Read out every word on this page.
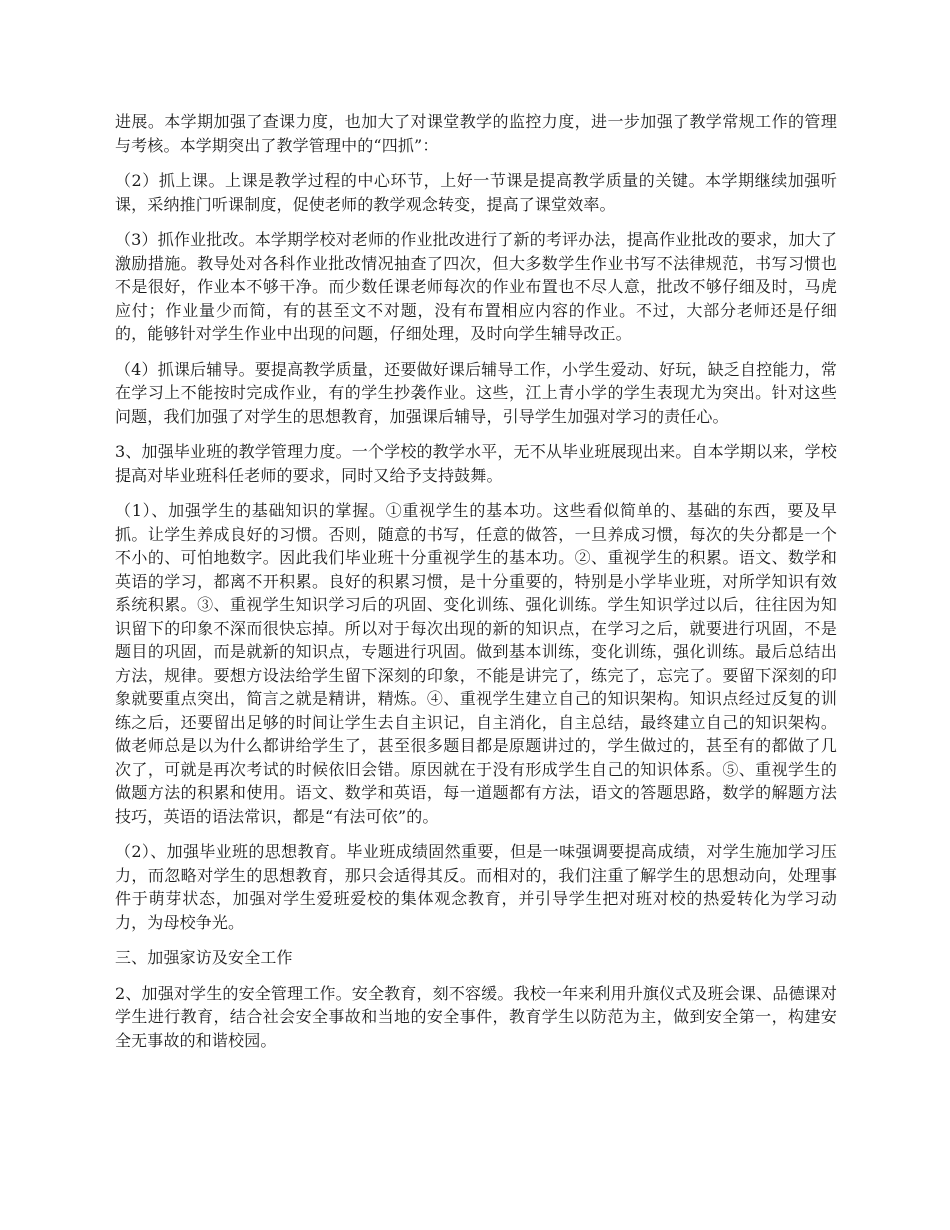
进展。本学期加强了查课力度，也加大了对课堂教学的监控力度，进一步加强了教学常规工作的管理与考核。本学期突出了教学管理中的“四抓”：

（2）抓上课。上课是教学过程的中心环节，上好一节课是提高教学质量的关键。本学期继续加强听课，采纳推门听课制度，促使老师的教学观念转变，提高了课堂效率。

（3）抓作业批改。本学期学校对老师的作业批改进行了新的考评办法，提高作业批改的要求，加大了激励措施。教导处对各科作业批改情况抽查了四次，但大多数学生作业书写不法律规范，书写习惯也不是很好，作业本不够干净。而少数任课老师每次的作业布置也不尽人意，批改不够仔细及时，马虎应付；作业量少而简，有的甚至文不对题，没有布置相应内容的作业。不过，大部分老师还是仔细的，能够针对学生作业中出现的问题，仔细处理，及时向学生辅导改正。

（4）抓课后辅导。要提高教学质量，还要做好课后辅导工作，小学生爱动、好玩，缺乏自控能力，常在学习上不能按时完成作业，有的学生抄袭作业。这些，江上青小学的学生表现尤为突出。针对这些问题，我们加强了对学生的思想教育，加强课后辅导，引导学生加强对学习的责任心。

3、加强毕业班的教学管理力度。一个学校的教学水平，无不从毕业班展现出来。自本学期以来，学校提高对毕业班科任老师的要求，同时又给予支持鼓舞。

（1）、加强学生的基础知识的掌握。①重视学生的基本功。这些看似简单的、基础的东西，要及早抓。让学生养成良好的习惯。否则，随意的书写，任意的做答，一旦养成习惯，每次的失分都是一个不小的、可怕地数字。因此我们毕业班十分重视学生的基本功。②、重视学生的积累。语文、数学和英语的学习，都离不开积累。良好的积累习惯，是十分重要的，特别是小学毕业班，对所学知识有效系统积累。③、重视学生知识学习后的巩固、变化训练、强化训练。学生知识学过以后，往往因为知识留下的印象不深而很快忘掉。所以对于每次出现的新的知识点，在学习之后，就要进行巩固，不是题目的巩固，而是就新的知识点，专题进行巩固。做到基本训练，变化训练，强化训练。最后总结出方法，规律。要想方设法给学生留下深刻的印象，不能是讲完了，练完了，忘完了。要留下深刻的印象就要重点突出，简言之就是精讲，精炼。④、重视学生建立自己的知识架构。知识点经过反复的训练之后，还要留出足够的时间让学生去自主识记，自主消化，自主总结，最终建立自己的知识架构。做老师总是以为什么都讲给学生了，甚至很多题目都是原题讲过的，学生做过的，甚至有的都做了几次了，可就是再次考试的时候依旧会错。原因就在于没有形成学生自己的知识体系。⑤、重视学生的做题方法的积累和使用。语文、数学和英语，每一道题都有方法，语文的答题思路，数学的解题方法技巧，英语的语法常识，都是“有法可依”的。

（2）、加强毕业班的思想教育。毕业班成绩固然重要，但是一味强调要提高成绩，对学生施加学习压力，而忽略对学生的思想教育，那只会适得其反。而相对的，我们注重了解学生的思想动向，处理事件于萌芽状态，加强对学生爱班爱校的集体观念教育，并引导学生把对班对校的热爱转化为学习动力，为母校争光。

三、加强家访及安全工作

2、加强对学生的安全管理工作。安全教育，刻不容缓。我校一年来利用升旗仪式及班会课、品德课对学生进行教育，结合社会安全事故和当地的安全事件，教育学生以防范为主，做到安全第一，构建安全无事故的和谐校园。
